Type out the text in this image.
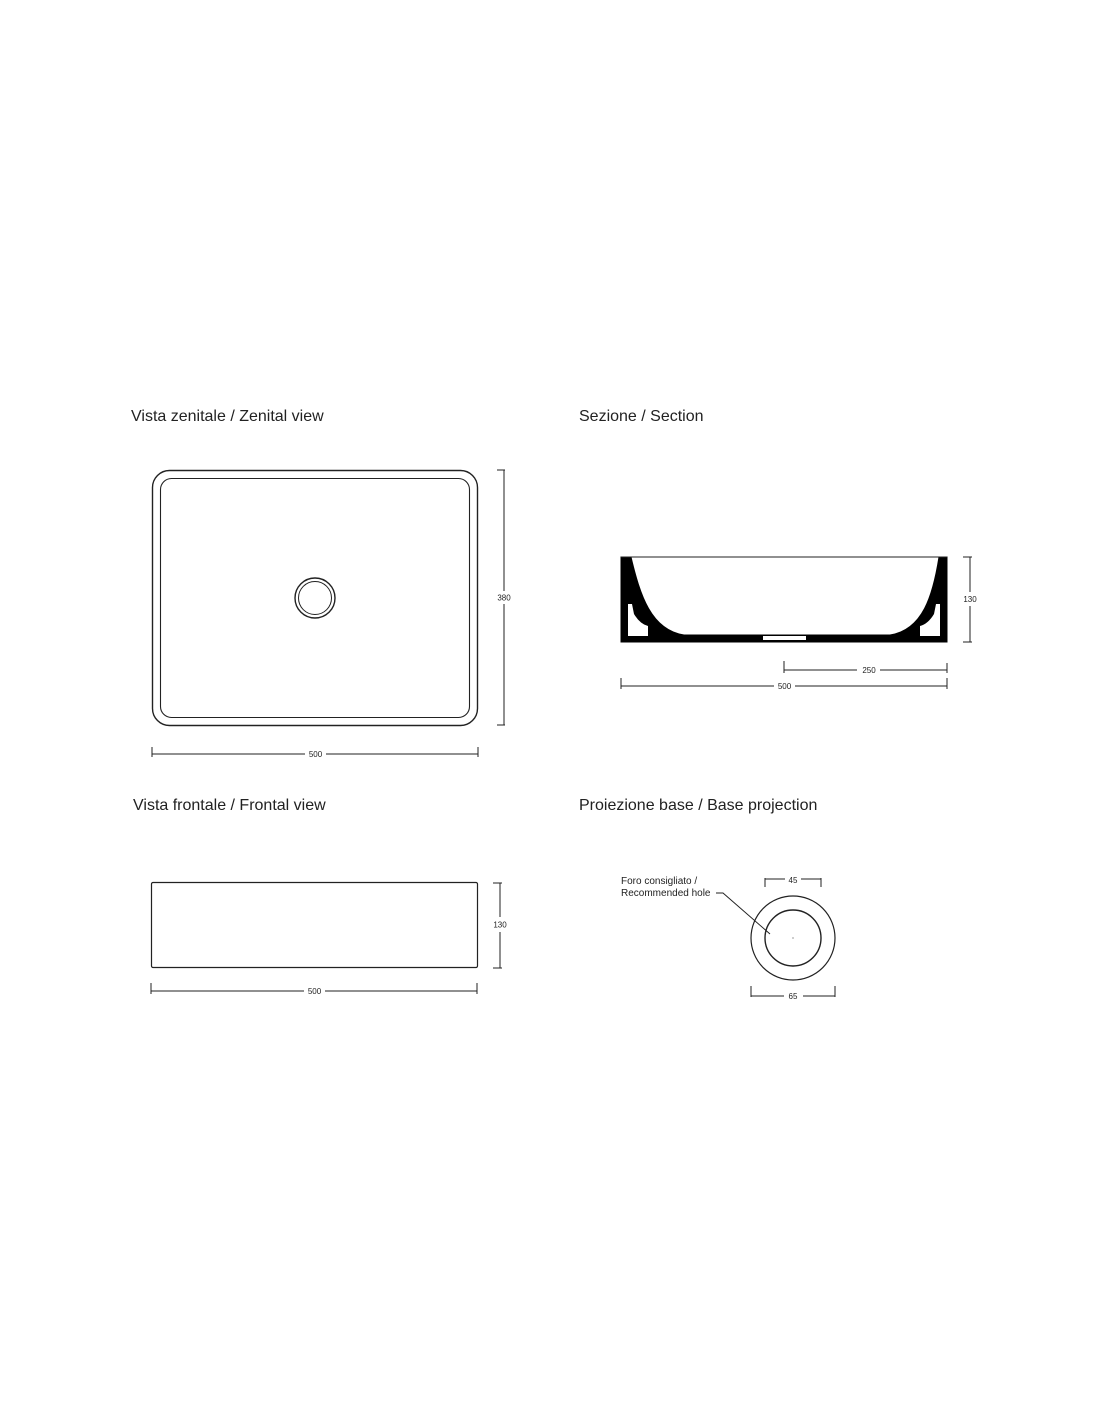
Vista zenitale / Zenital view	Sezione / Section
Vista frontale / Frontal view	Proiezione base / Base projection
380
500
130
250
500
130
500
Foro consigliato /
Recommended hole
45
65
